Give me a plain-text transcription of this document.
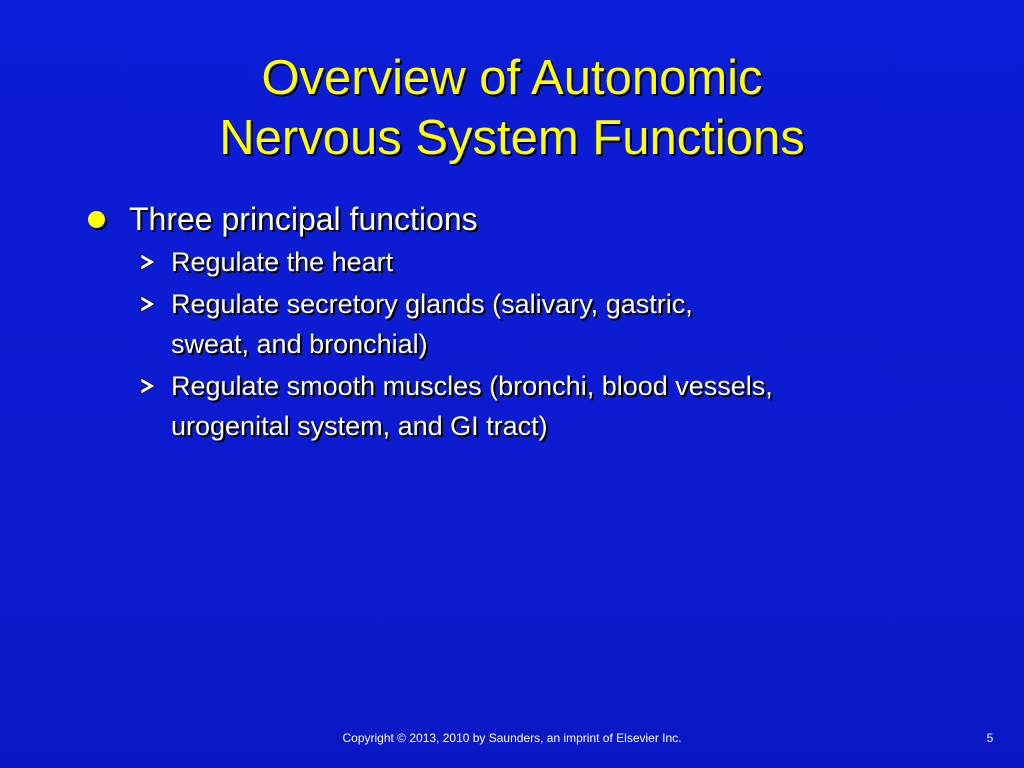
Overview of Autonomic
Nervous System Functions
Three principal functions
Regulate the heart
Regulate secretory glands (salivary, gastric,
sweat, and bronchial)
Regulate smooth muscles (bronchi, blood vessels,
urogenital system, and GI tract)
Copyright © 2013, 2010 by Saunders, an imprint of Elsevier Inc.	5
